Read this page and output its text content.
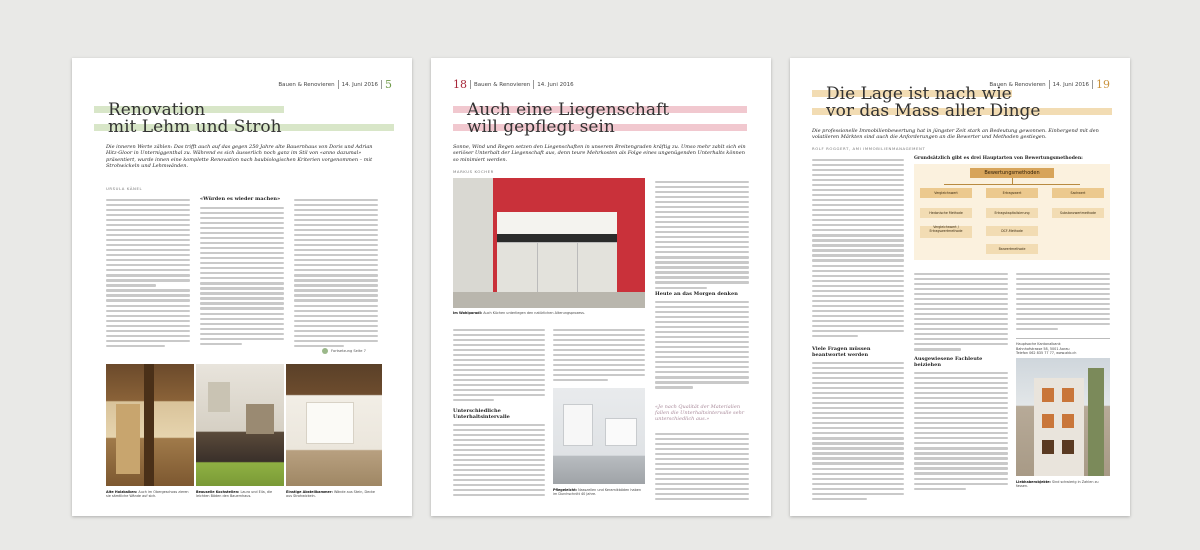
Bauen & Renovieren 14. Juni 2016 5
Renovation
mit Lehm und Stroh
Die inneren Werte zählen: Das trifft auch auf das gegen 250 Jahre alte Bauernhaus von Doris und Adrian Hitz-Gloor in Unterniggenthal zu. Während es sich äusserlich noch ganz im Stil von «anno dazumal» präsentiert, wurde innen eine komplette Renovation nach baubiologischen Kriterien vorgenommen – mit Strohwickeln und Lehmwänden.
URSULA KÄNEL
«Würden es wieder machen»
Fortsetzung Seite 7
Alte Holzbalken: Auch im Obergeschoss zieren sie sämtliche Wände auf sich.
Beauselle Kochstellen: Laura und Eila, die leichten Böden den Bauernhaus.
Einstige Abstellkammer: Wände aus Stein, Decke aus Strohwickeln.
18 Bauen & Renovieren 14. Juni 2016
Auch eine Liegenschaft
will gepflegt sein
Sonne, Wind und Regen setzen den Liegenschaften in unserem Breitengraden kräftig zu. Umso mehr zahlt sich ein seriöser Unterhalt der Liegenschaft aus, denn teure Mehrkosten als Folge eines ungenügenden Unterhalts können so minimiert werden.
MARKUS KOCHER
Im Wohlparadi: Auch Küchen unterliegen den natürlichen Alterungsprozess.
Heute an das Morgen denken
«Je nach Qualität der Materialien fallen die Unterhaltsintervalle sehr unterschiedlich aus.»
Unterschiedliche Unterhaltsintervalle
Pflegeleicht: Nasszellen und Keramikböden haben im Durchschnitt 40 Jahre.
Bauen & Renovieren 14. Juni 2016 19
Die Lage ist nach wie
vor das Mass aller Dinge
Die professionelle Immobilienbewertung hat in jüngster Zeit stark an Bedeutung gewonnen. Einhergend mit den volatileren Märkten sind auch die Anforderungen an die Bewerter und Methoden gestiegen.
ROLF ROGGERT, AMI IMMOBILIENMANAGEMENT
Viele Fragen müssen beantwortet werden
Grundsätzlich gibt es drei Hauptarten von Bewertungsmethoden:
Bewertungsmethoden
Vergleichswert	Ertragswert	Sachwert
Hedonische Methode
Vergleichswert / Ertragswertmethode
Ertragskapitalisierung
DCF-Methode
Barwertmethode
Substanzwertmethode
Ausgewiesene Fachleute beiziehen
Hauptsache Kantonalbank
Bahnhofstrasse 58, 5001 Aarau
Telefon 062 835 77 77, www.akb.ch
Liebhaberobjekte: Sind schwierig in Zahlen zu fassen.
